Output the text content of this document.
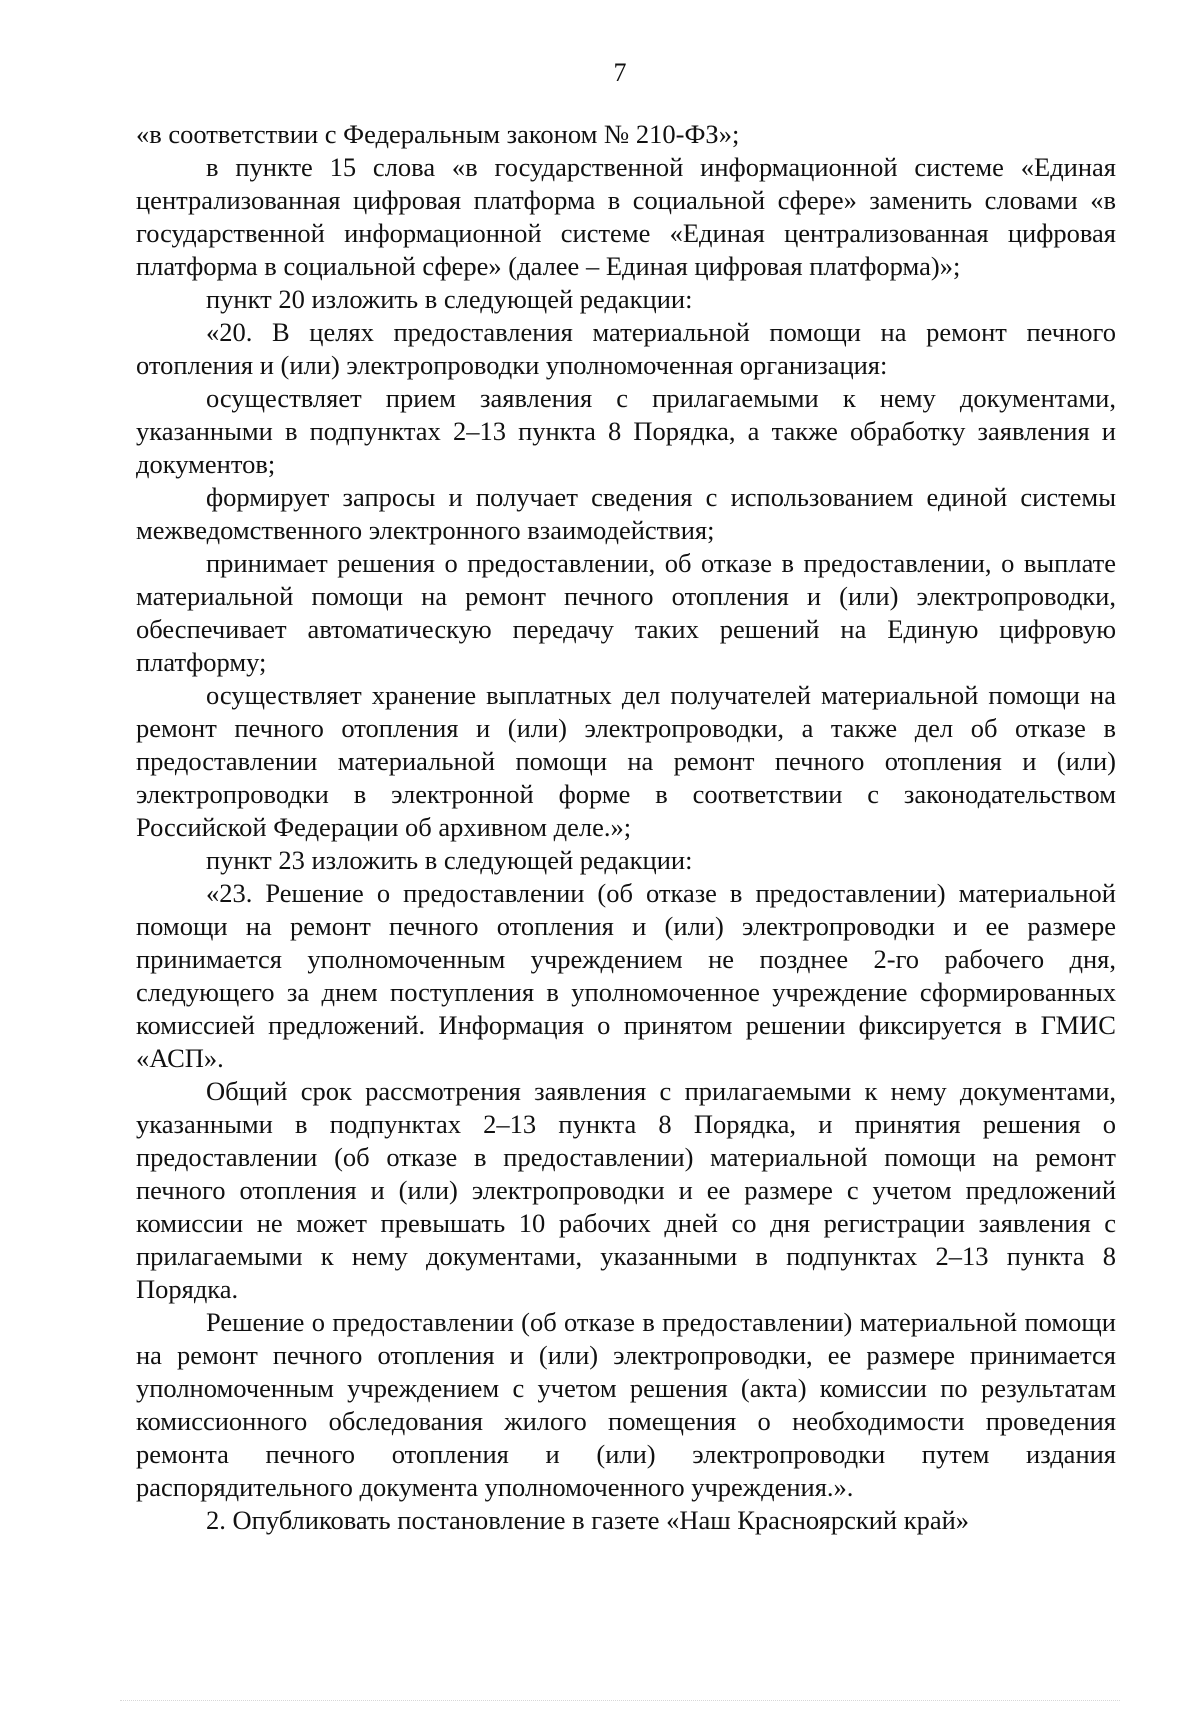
7

«в соответствии с Федеральным законом № 210-ФЗ»;

в пункте 15 слова «в государственной информационной системе «Единая централизованная цифровая платформа в социальной сфере» заменить словами «в государственной информационной системе «Единая централизованная цифровая платформа в социальной сфере» (далее – Единая цифровая платформа)»;

пункт 20 изложить в следующей редакции:

«20. В целях предоставления материальной помощи на ремонт печного отопления и (или) электропроводки уполномоченная организация:

осуществляет прием заявления с прилагаемыми к нему документами, указанными в подпунктах 2–13 пункта 8 Порядка, а также обработку заявления и документов;

формирует запросы и получает сведения с использованием единой системы межведомственного электронного взаимодействия;

принимает решения о предоставлении, об отказе в предоставлении, о выплате материальной помощи на ремонт печного отопления и (или) электропроводки, обеспечивает автоматическую передачу таких решений на Единую цифровую платформу;

осуществляет хранение выплатных дел получателей материальной помощи на ремонт печного отопления и (или) электропроводки, а также дел об отказе в предоставлении материальной помощи на ремонт печного отопления и (или) электропроводки в электронной форме в соответствии с законодательством Российской Федерации об архивном деле.»;

пункт 23 изложить в следующей редакции:

«23. Решение о предоставлении (об отказе в предоставлении) материальной помощи на ремонт печного отопления и (или) электропроводки и ее размере принимается уполномоченным учреждением не позднее 2-го рабочего дня, следующего за днем поступления в уполномоченное учреждение сформированных комиссией предложений. Информация о принятом решении фиксируется в ГМИС «АСП».

Общий срок рассмотрения заявления с прилагаемыми к нему документами, указанными в подпунктах 2–13 пункта 8 Порядка, и принятия решения о предоставлении (об отказе в предоставлении) материальной помощи на ремонт печного отопления и (или) электропроводки и ее размере с учетом предложений комиссии не может превышать 10 рабочих дней со дня регистрации заявления с прилагаемыми к нему документами, указанными в подпунктах 2–13 пункта 8 Порядка.

Решение о предоставлении (об отказе в предоставлении) материальной помощи на ремонт печного отопления и (или) электропроводки, ее размере принимается уполномоченным учреждением с учетом решения (акта) комиссии по результатам комиссионного обследования жилого помещения о необходимости проведения ремонта печного отопления и (или) электропроводки путем издания распорядительного документа уполномоченного учреждения.».

2. Опубликовать постановление в газете «Наш Красноярский край»
